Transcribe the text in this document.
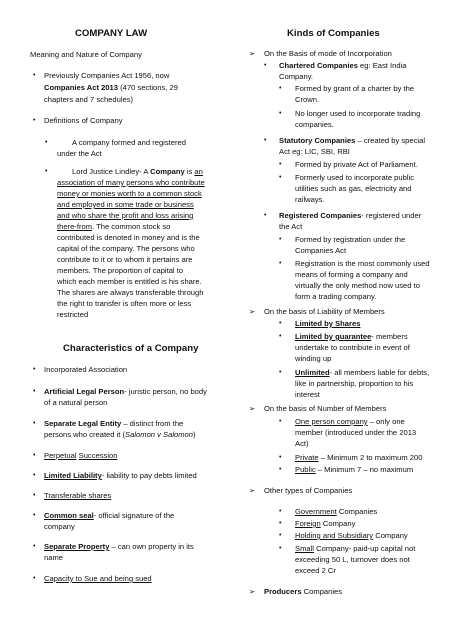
COMPANY LAW
Meaning and Nature of Company
• Previously Companies Act 1956, now
Companies Act 2013 (470 sections, 29
chapters and 7 schedules)
• Definitions of Company
•	A company formed and registered
under the Act
•	Lord Justice Lindley- A Company is an
association of many persons who contribute
money or monies worth to a common stock
and employed in some trade or business
and who share the profit and loss arising
there-from. The common stock so
contributed is denoted in money and is the
capital of the company. The persons who
contribute to it or to whom it pertains are
members. The proportion of capital to
which each member is entitled is his share.
The shares are always transferable through
the right to transfer is often more or less
restricted
Characteristics of a Company
• Incorporated Association
• Artificial Legal Person- juristic person, no body
of a natural person
• Separate Legal Entity – distinct from the
persons who created it (Salomon v Salomon)
• Perpetual Succession
• Limited Liability- liability to pay debts limited
• Transferable shares
• Common seal- official signature of the
company
• Separate Property – can own property in its
name
• Capacity to Sue and being sued
Kinds of Companies
➢ On the Basis of mode of Incorporation
• Chartered Companies eg: East India
Company.
• Formed by grant of a charter by the
Crown.
• No longer used to incorporate trading
companies.
• Statutory Companies – created by special
Act eg: LIC, SBI, RBI
• Formed by private Act of Parliament.
• Formerly used to incorporate public
utilities such as gas, electricity and
railways.
• Registered Companies- registered under
the Act
• Formed by registration under the
Companies Act
• Registration is the most commonly used
means of forming a company and
virtually the only method now used to
form a trading company.
➢ On the basis of Liability of Members
• Limited by Shares
• Limited by guarantee- members
undertake to contribute in event of
winding up
• Unlimited- all members liable for debts,
like in partnership, proportion to his
interest
➢ On the basis of Number of Members
• One person company – only one
member (introduced under the 2013
Act)
• Private – Minimum 2 to maximum 200
• Public – Minimum 7 – no maximum
➢ Other types of Companies
• Government Companies
• Foreign Company
• Holding and Subsidiary Company
• Small Company- paid-up capital not
exceeding 50 L, turnover does not
exceed 2 Cr
➢ Producers Companies
